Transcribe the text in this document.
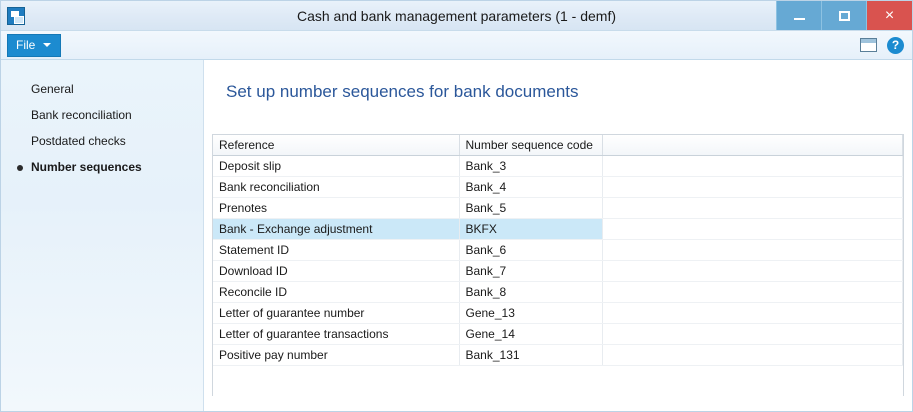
Cash and bank management parameters (1 - demf)	×
File	?
General
Bank reconciliation
Postdated checks
Number sequences
Set up number sequences for bank documents
Reference	Number sequence code	
Deposit slip	Bank_3	
Bank reconciliation	Bank_4	
Prenotes	Bank_5	
Bank - Exchange adjustment	BKFX	
Statement ID	Bank_6	
Download ID	Bank_7	
Reconcile ID	Bank_8	
Letter of guarantee number	Gene_13	
Letter of guarantee transactions	Gene_14	
Positive pay number	Bank_131	
